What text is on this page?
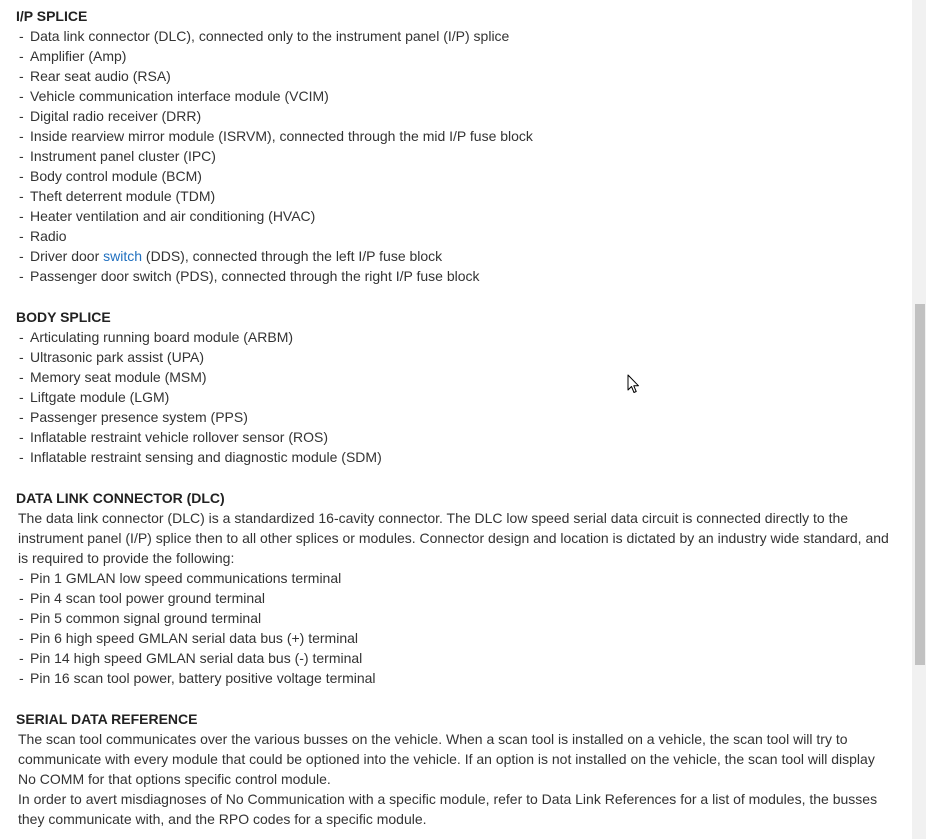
I/P SPLICE
- Data link connector (DLC), connected only to the instrument panel (I/P) splice
- Amplifier (Amp)
- Rear seat audio (RSA)
- Vehicle communication interface module (VCIM)
- Digital radio receiver (DRR)
- Inside rearview mirror module (ISRVM), connected through the mid I/P fuse block
- Instrument panel cluster (IPC)
- Body control module (BCM)
- Theft deterrent module (TDM)
- Heater ventilation and air conditioning (HVAC)
- Radio
- Driver door switch (DDS), connected through the left I/P fuse block
- Passenger door switch (PDS), connected through the right I/P fuse block
BODY SPLICE
- Articulating running board module (ARBM)
- Ultrasonic park assist (UPA)
- Memory seat module (MSM)
- Liftgate module (LGM)
- Passenger presence system (PPS)
- Inflatable restraint vehicle rollover sensor (ROS)
- Inflatable restraint sensing and diagnostic module (SDM)
DATA LINK CONNECTOR (DLC)
The data link connector (DLC) is a standardized 16-cavity connector. The DLC low speed serial data circuit is connected directly to the instrument panel (I/P) splice then to all other splices or modules. Connector design and location is dictated by an industry wide standard, and is required to provide the following:
- Pin 1 GMLAN low speed communications terminal
- Pin 4 scan tool power ground terminal
- Pin 5 common signal ground terminal
- Pin 6 high speed GMLAN serial data bus (+) terminal
- Pin 14 high speed GMLAN serial data bus (-) terminal
- Pin 16 scan tool power, battery positive voltage terminal
SERIAL DATA REFERENCE
The scan tool communicates over the various busses on the vehicle. When a scan tool is installed on a vehicle, the scan tool will try to communicate with every module that could be optioned into the vehicle. If an option is not installed on the vehicle, the scan tool will display No COMM for that options specific control module.
In order to avert misdiagnoses of No Communication with a specific module, refer to Data Link References for a list of modules, the busses they communicate with, and the RPO codes for a specific module.
